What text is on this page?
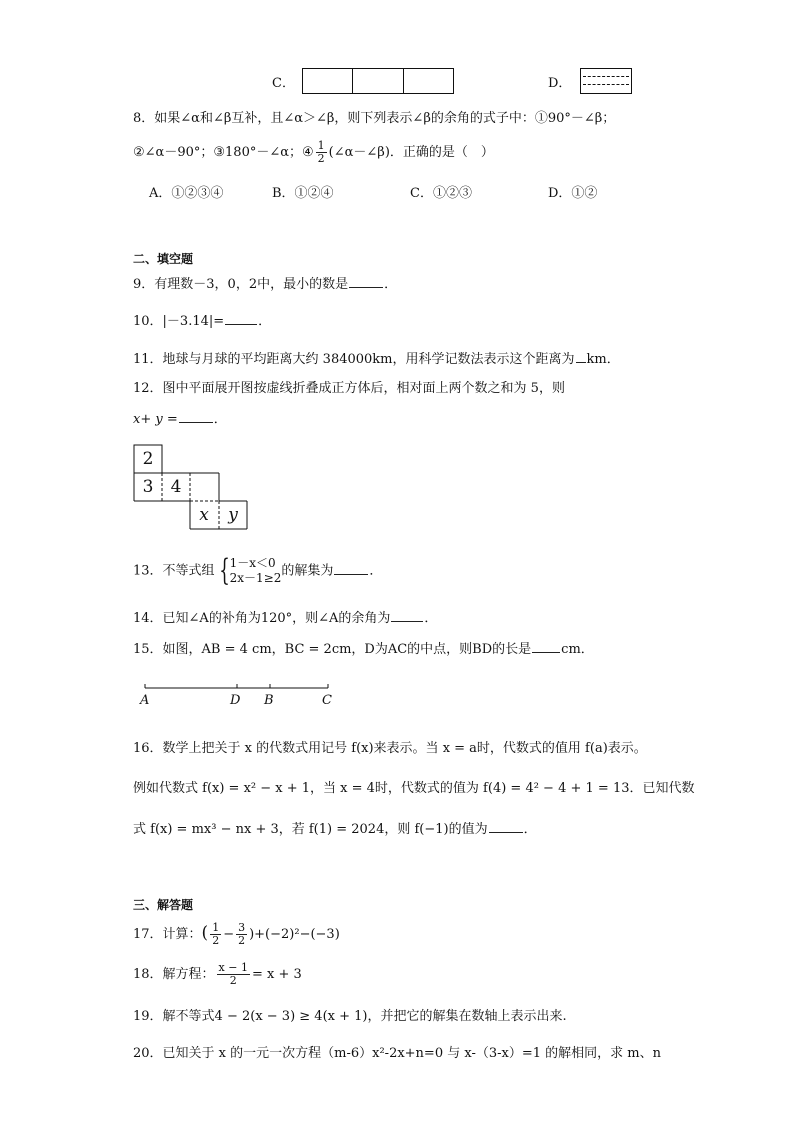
C．	D．
8．如果∠α和∠β互补，且∠α＞∠β，则下列表示∠β的余角的式子中：①90°－∠β；
②∠α－90°；③180°－∠α；④ $\frac{1}{2}$ (∠α－∠β)．正确的是（　）
A．①②③④	B．①②④	C．①②③	D．①②
二、填空题
9．有理数－3，0，2中，最小的数是	．
10．|－3.14|=	．
11．地球与月球的平均距离大约 384000km，用科学记数法表示这个距离为 km．
12．图中平面展开图按虚线折叠成正方体后，相对面上两个数之和为 5，则
x+ y =	．
2
3	4
x	y
13．不等式组 { 1－x＜0
2x－1≥2 的解集为	．
14．已知∠A的补角为120°，则∠A的余角为	．
15．如图，AB = 4 cm，BC = 2cm，D为AC的中点，则BD的长是 cm．
A	D B	C
16．数学上把关于 x 的代数式用记号 f(x)来表示。当 x = a时，代数式的值用 f(a)表示。
例如代数式 f(x) = x² − x + 1，当 x = 4时，代数式的值为 f(4) = 4² − 4 + 1 = 13．已知代数
式 f(x) = mx³ − nx + 3，若 f(1) = 2024，则 f(−1)的值为	．
三、解答题
17．计算：( $\frac{1}{2} - \frac{3}{2} )+(-2)^2-(-3)$
18．解方程： $\frac{x - 1}{2} = x + 3$
19．解不等式4 − 2(x − 3) ≥ 4(x + 1)，并把它的解集在数轴上表示出来.
20．已知关于 x 的一元一次方程（m-6）x²-2x+n=0 与 x-（3-x）=1 的解相同，求 m、n
